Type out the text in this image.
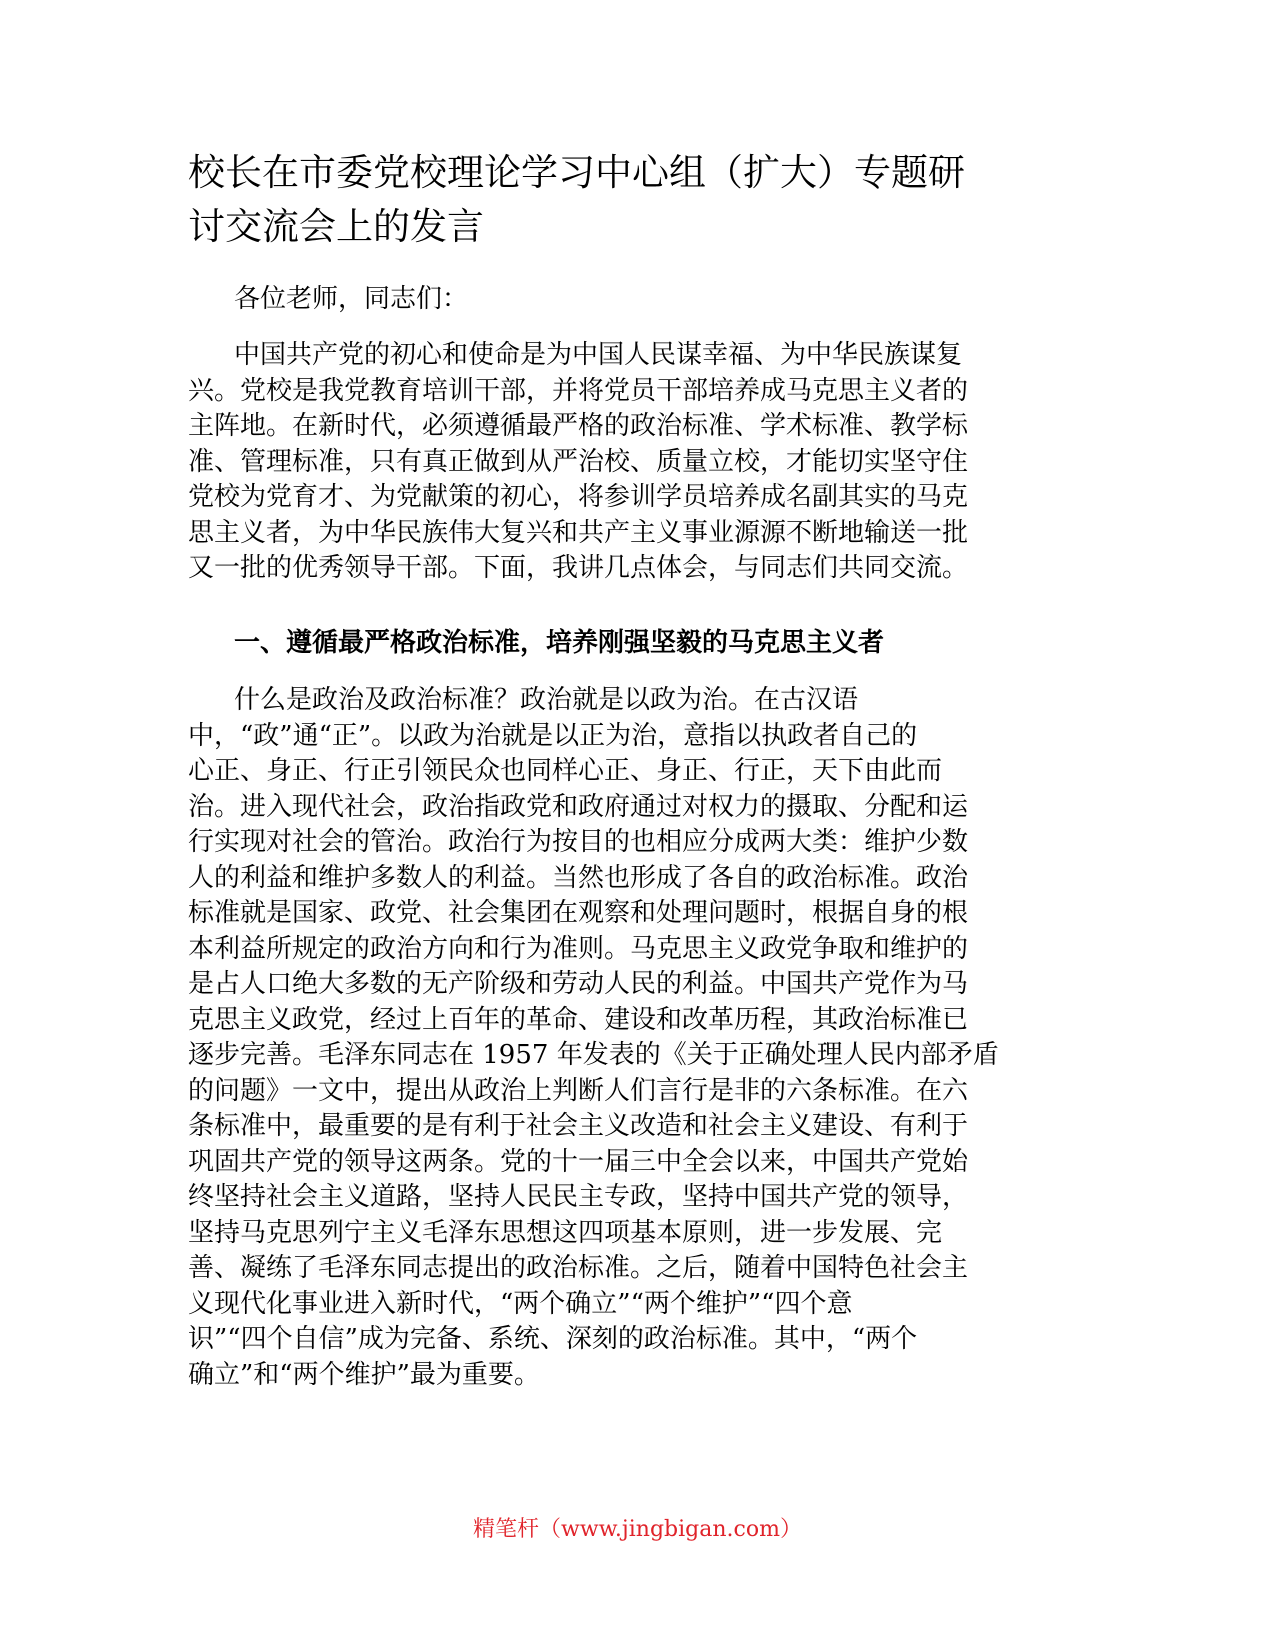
校长在市委党校理论学习中心组（扩大）专题研
讨交流会上的发言

各位老师，同志们：

中国共产党的初心和使命是为中国人民谋幸福、为中华民族谋复
兴。党校是我党教育培训干部，并将党员干部培养成马克思主义者的
主阵地。在新时代，必须遵循最严格的政治标准、学术标准、教学标
准、管理标准，只有真正做到从严治校、质量立校，才能切实坚守住
党校为党育才、为党献策的初心，将参训学员培养成名副其实的马克
思主义者，为中华民族伟大复兴和共产主义事业源源不断地输送一批
又一批的优秀领导干部。下面，我讲几点体会，与同志们共同交流。

一、遵循最严格政治标准，培养刚强坚毅的马克思主义者

什么是政治及政治标准？政治就是以政为治。在古汉语
中，“政”通“正”。以政为治就是以正为治，意指以执政者自己的
心正、身正、行正引领民众也同样心正、身正、行正，天下由此而
治。进入现代社会，政治指政党和政府通过对权力的摄取、分配和运
行实现对社会的管治。政治行为按目的也相应分成两大类：维护少数
人的利益和维护多数人的利益。当然也形成了各自的政治标准。政治
标准就是国家、政党、社会集团在观察和处理问题时，根据自身的根
本利益所规定的政治方向和行为准则。马克思主义政党争取和维护的
是占人口绝大多数的无产阶级和劳动人民的利益。中国共产党作为马
克思主义政党，经过上百年的革命、建设和改革历程，其政治标准已
逐步完善。毛泽东同志在 1957 年发表的《关于正确处理人民内部矛盾
的问题》一文中，提出从政治上判断人们言行是非的六条标准。在六
条标准中，最重要的是有利于社会主义改造和社会主义建设、有利于
巩固共产党的领导这两条。党的十一届三中全会以来，中国共产党始
终坚持社会主义道路，坚持人民民主专政，坚持中国共产党的领导，
坚持马克思列宁主义毛泽东思想这四项基本原则，进一步发展、完
善、凝练了毛泽东同志提出的政治标准。之后，随着中国特色社会主
义现代化事业进入新时代，“两个确立”“两个维护”“四个意
识”“四个自信”成为完备、系统、深刻的政治标准。其中，“两个
确立”和“两个维护”最为重要。

精笔杆（www.jingbigan.com）
